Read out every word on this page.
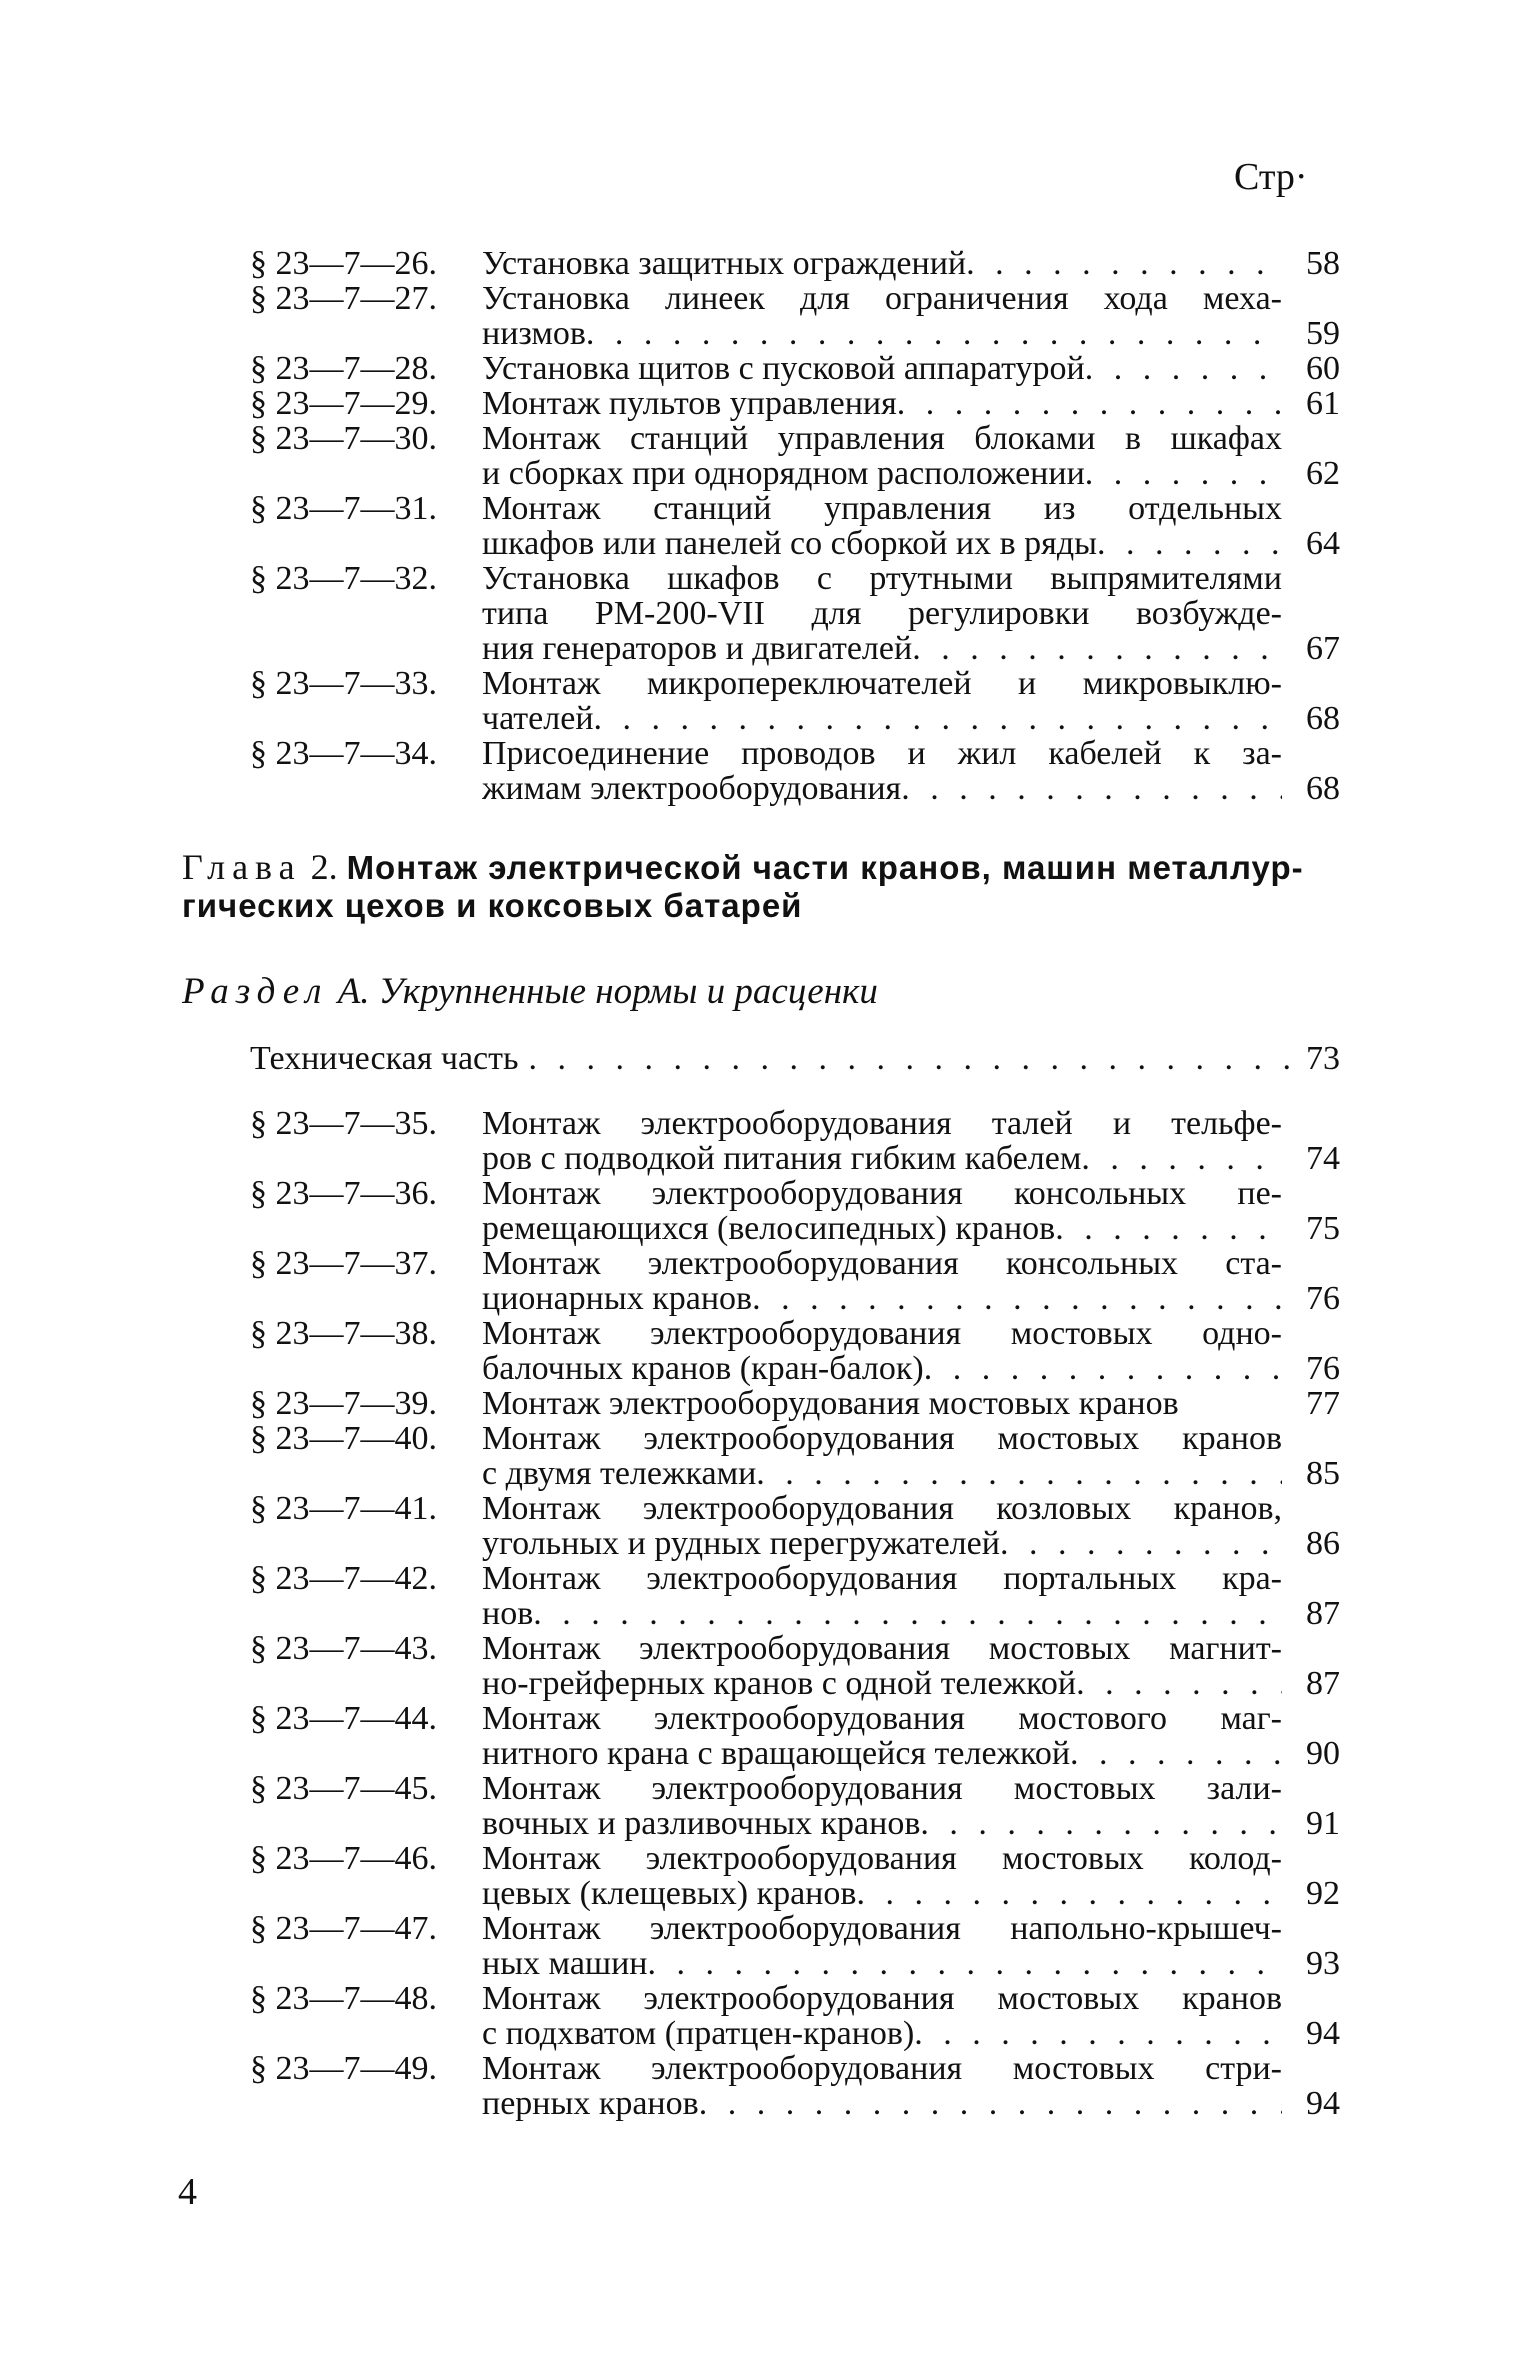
Стр·
§ 23—7—26.	Установка защитных ограждений . . .	58
§ 23—7—27.	Установка линеек для ограничения хода меха-
низмов . . .	59
§ 23—7—28.	Установка щитов с пусковой аппаратурой . . .	60
§ 23—7—29.	Монтаж пультов управления . . .	61
§ 23—7—30.	Монтаж станций управления блоками в шкафах
и сборках при однорядном расположении . . .	62
§ 23—7—31.	Монтаж станций управления из отдельных
шкафов или панелей со сборкой их в ряды . . .	64
§ 23—7—32.	Установка шкафов с ртутными выпрямителями
типа РМ-200-VII для регулировки возбужде-
ния генераторов и двигателей . . .	67
§ 23—7—33.	Монтаж микропереключателей и микровыклю-
чателей . . .	68
§ 23—7—34.	Присоединение проводов и жил кабелей к за-
жимам электрооборудования . . .	68
Глава 2. Монтаж электрической части кранов, машин металлур-
гических цехов и коксовых батарей
Раздел А. Укрупненные нормы и расценки
Техническая часть . . .	73
§ 23—7—35.	Монтаж электрооборудования талей и тельфе-
ров с подводкой питания гибким кабелем . . .	74
§ 23—7—36.	Монтаж электрооборудования консольных пе-
ремещающихся (велосипедных) кранов . . .	75
§ 23—7—37.	Монтаж электрооборудования консольных ста-
ционарных кранов . . .	76
§ 23—7—38.	Монтаж электрооборудования мостовых одно-
балочных кранов (кран-балок) . . .	76
§ 23—7—39.	Монтаж электрооборудования мостовых кранов	77
§ 23—7—40.	Монтаж электрооборудования мостовых кранов
с двумя тележками . . .	85
§ 23—7—41.	Монтаж электрооборудования козловых кранов,
угольных и рудных перегружателей . . .	86
§ 23—7—42.	Монтаж электрооборудования портальных кра-
нов . . .	87
§ 23—7—43.	Монтаж электрооборудования мостовых магнит-
но-грейферных кранов с одной тележкой . . .	87
§ 23—7—44.	Монтаж электрооборудования мостового маг-
нитного крана с вращающейся тележкой . . .	90
§ 23—7—45.	Монтаж электрооборудования мостовых зали-
вочных и разливочных кранов . . .	91
§ 23—7—46.	Монтаж электрооборудования мостовых колод-
цевых (клещевых) кранов . . .	92
§ 23—7—47.	Монтаж электрооборудования напольно-крышеч-
ных машин . . .	93
§ 23—7—48.	Монтаж электрооборудования мостовых кранов
с подхватом (пратцен-кранов) . . .	94
§ 23—7—49.	Монтаж электрооборудования мостовых стри-
перных кранов . . .	94
4
